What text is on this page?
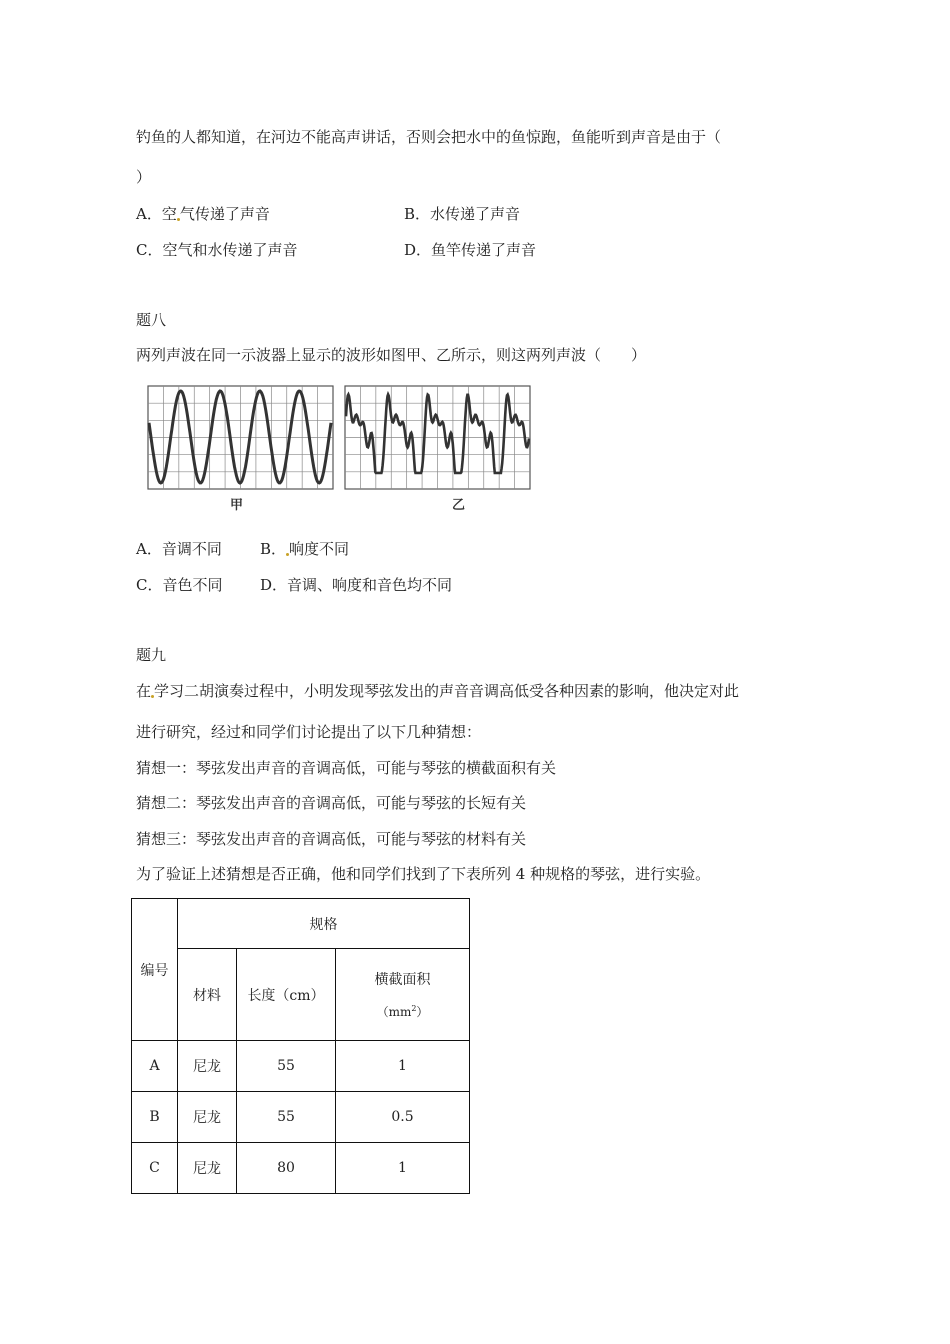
钓鱼的人都知道，在河边不能高声讲话，否则会把水中的鱼惊跑，鱼能听到声音是由于（
）
A．空 气传递了声音	B．水传递了声音
C．空气和水传递了声音	D．鱼竿传递了声音
题八
两列声波在同一示波器上显示的波形如图甲、乙所示，则这两列声波（　　）
甲	乙
A．音调不同	B． 响度不同
C．音色不同	D．音调、响度和音色均不同
题九
在 学习二胡演奏过程中，小明发现琴弦发出的声音音调高低受各种因素的影响，他决定对此
进行研究，经过和同学们讨论提出了以下几种猜想：
猜想一：琴弦发出声音的音调高低，可能与琴弦的横截面积有关
猜想二：琴弦发出声音的音调高低，可能与琴弦的长短有关
猜想三：琴弦发出声音的音调高低，可能与琴弦的材料有关
为了验证上述猜想是否正确，他和同学们找到了下表所列 4 种规格的琴弦，进行实验。
编号	规格		
	材料	长度（cm）	横截面积
$(mm^2)$

A	尼龙	55	1
B	尼龙	55	0.5
C	尼龙	80	1
